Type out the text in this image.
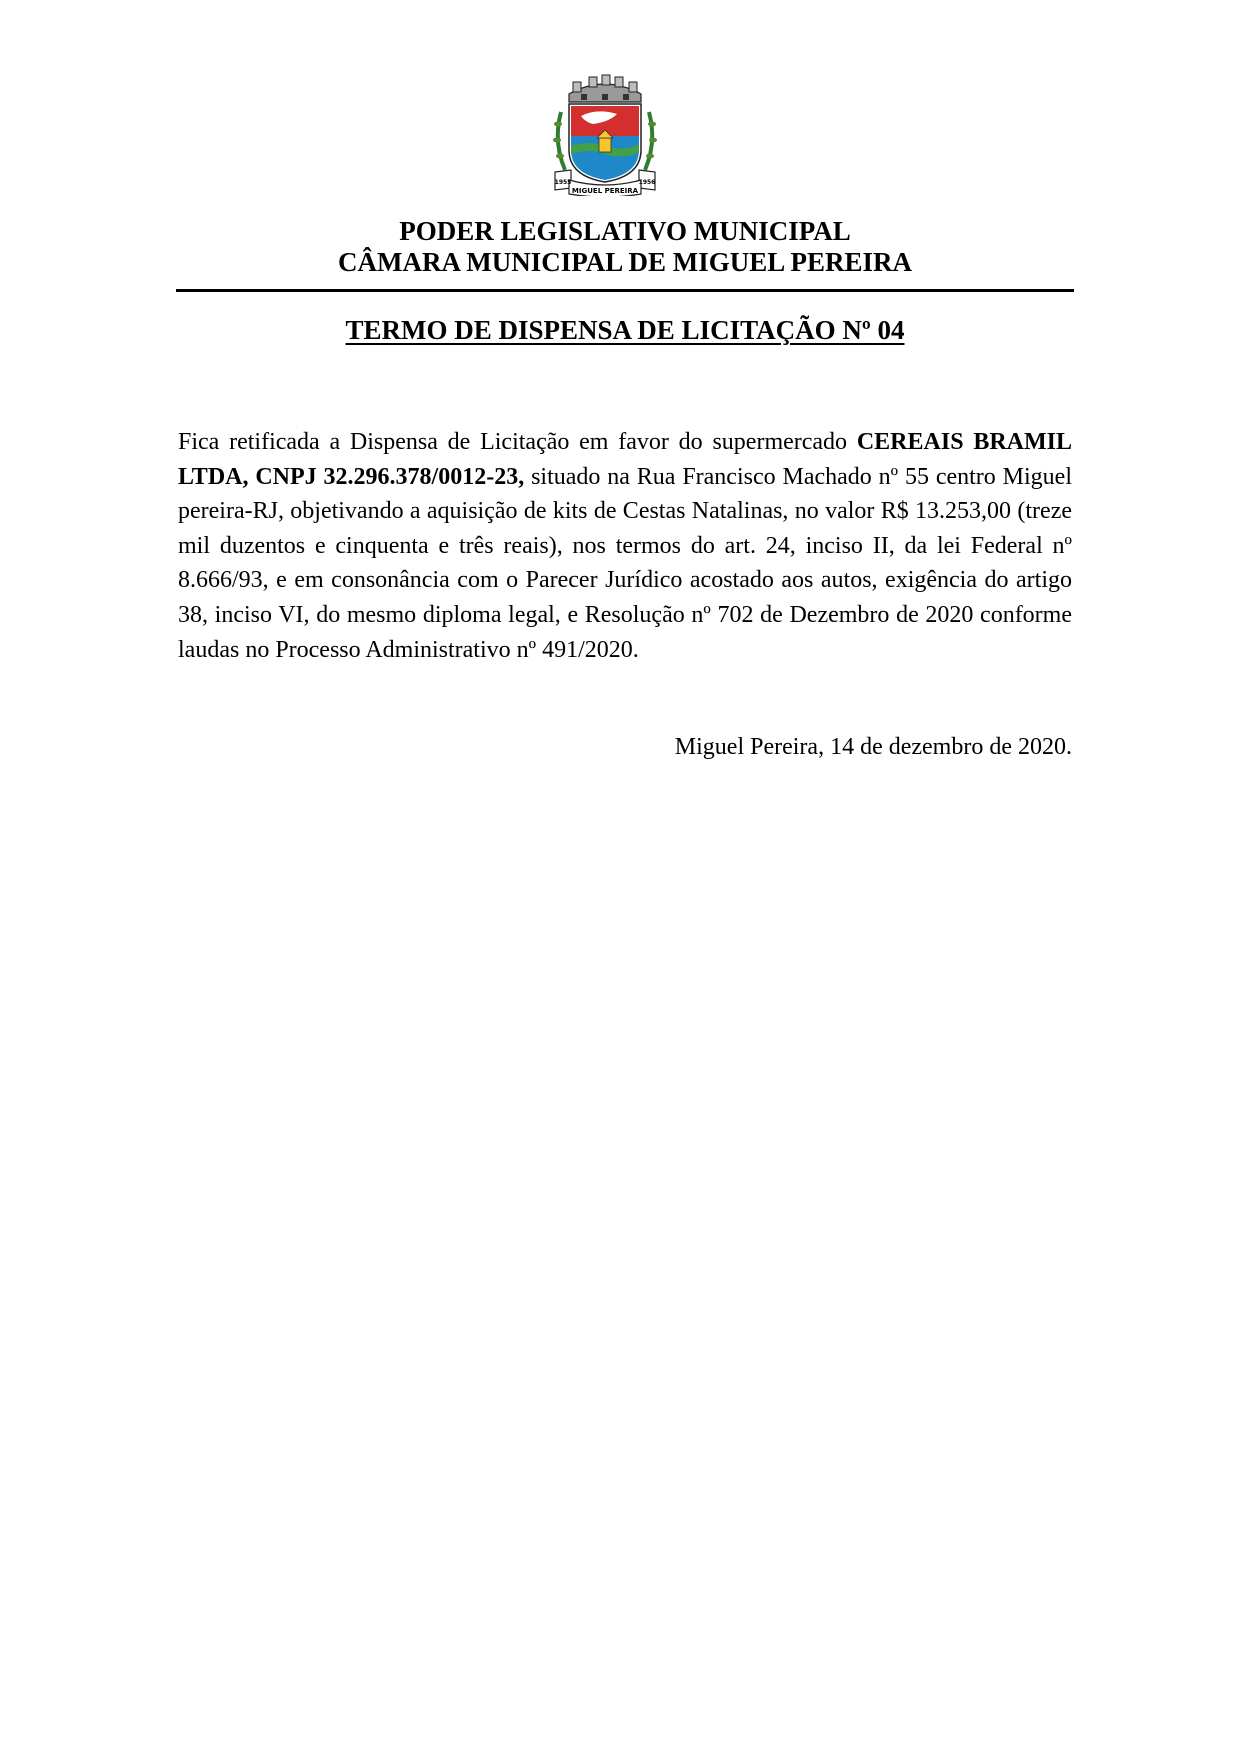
1955	1956
MIGUEL PEREIRA
PODER LEGISLATIVO MUNICIPAL
CÂMARA MUNICIPAL DE MIGUEL PEREIRA
TERMO DE DISPENSA DE LICITAÇÃO Nº 04
Fica retificada a Dispensa de Licitação em favor do supermercado CEREAIS BRAMIL LTDA, CNPJ 32.296.378/0012-23, situado na Rua Francisco Machado nº 55 centro Miguel pereira-RJ, objetivando a aquisição de kits de Cestas Natalinas, no valor R$ 13.253,00 (treze mil duzentos e cinquenta e três reais), nos termos do art. 24, inciso II, da lei Federal nº 8.666/93, e em consonância com o Parecer Jurídico acostado aos autos, exigência do artigo 38, inciso VI, do mesmo diploma legal, e Resolução nº 702 de Dezembro de 2020 conforme laudas no Processo Administrativo nº 491/2020.
Miguel Pereira, 14 de dezembro de 2020.
